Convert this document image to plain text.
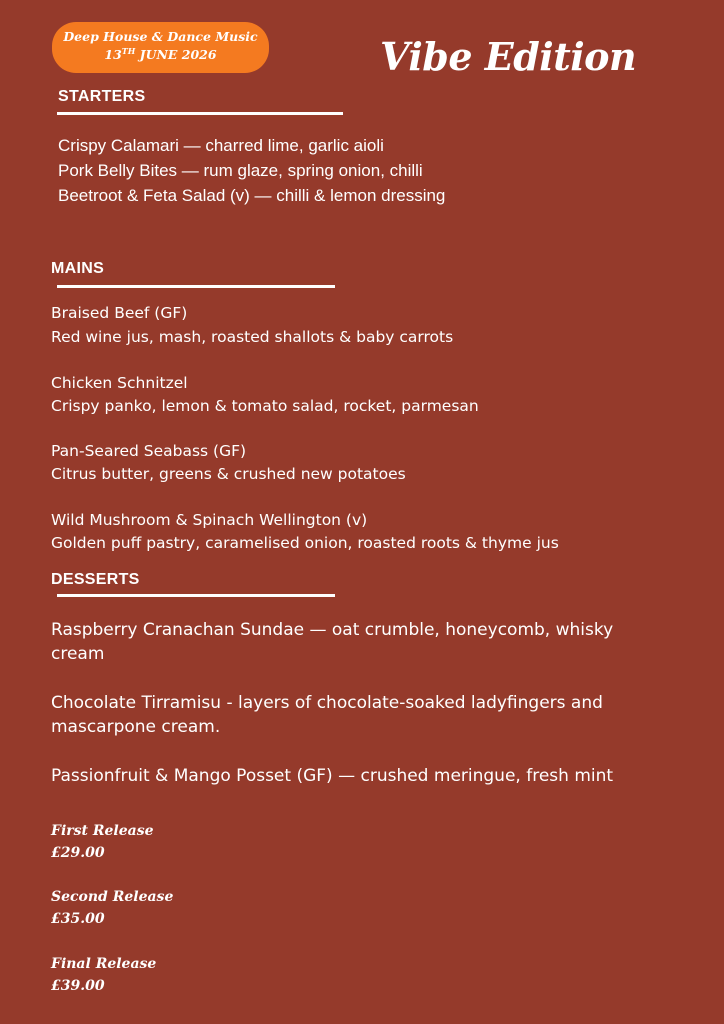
Deep House & Dance Music
13TH JUNE 2026	Vibe Edition
STARTERS
Crispy Calamari — charred lime, garlic aioli
Pork Belly Bites — rum glaze, spring onion, chilli
Beetroot & Feta Salad (v) — chilli & lemon dressing
MAINS
Braised Beef (GF)
Red wine jus, mash, roasted shallots & baby carrots
Chicken Schnitzel
Crispy panko, lemon & tomato salad, rocket, parmesan
Pan-Seared Seabass (GF)
Citrus butter, greens & crushed new potatoes
Wild Mushroom & Spinach Wellington (v)
Golden puff pastry, caramelised onion, roasted roots & thyme jus
DESSERTS
Raspberry Cranachan Sundae — oat crumble, honeycomb, whisky
cream
Chocolate Tirramisu - layers of chocolate-soaked ladyfingers and
mascarpone cream.
Passionfruit & Mango Posset (GF) — crushed meringue, fresh mint
First Release
£29.00
Second Release
£35.00
Final Release
£39.00
